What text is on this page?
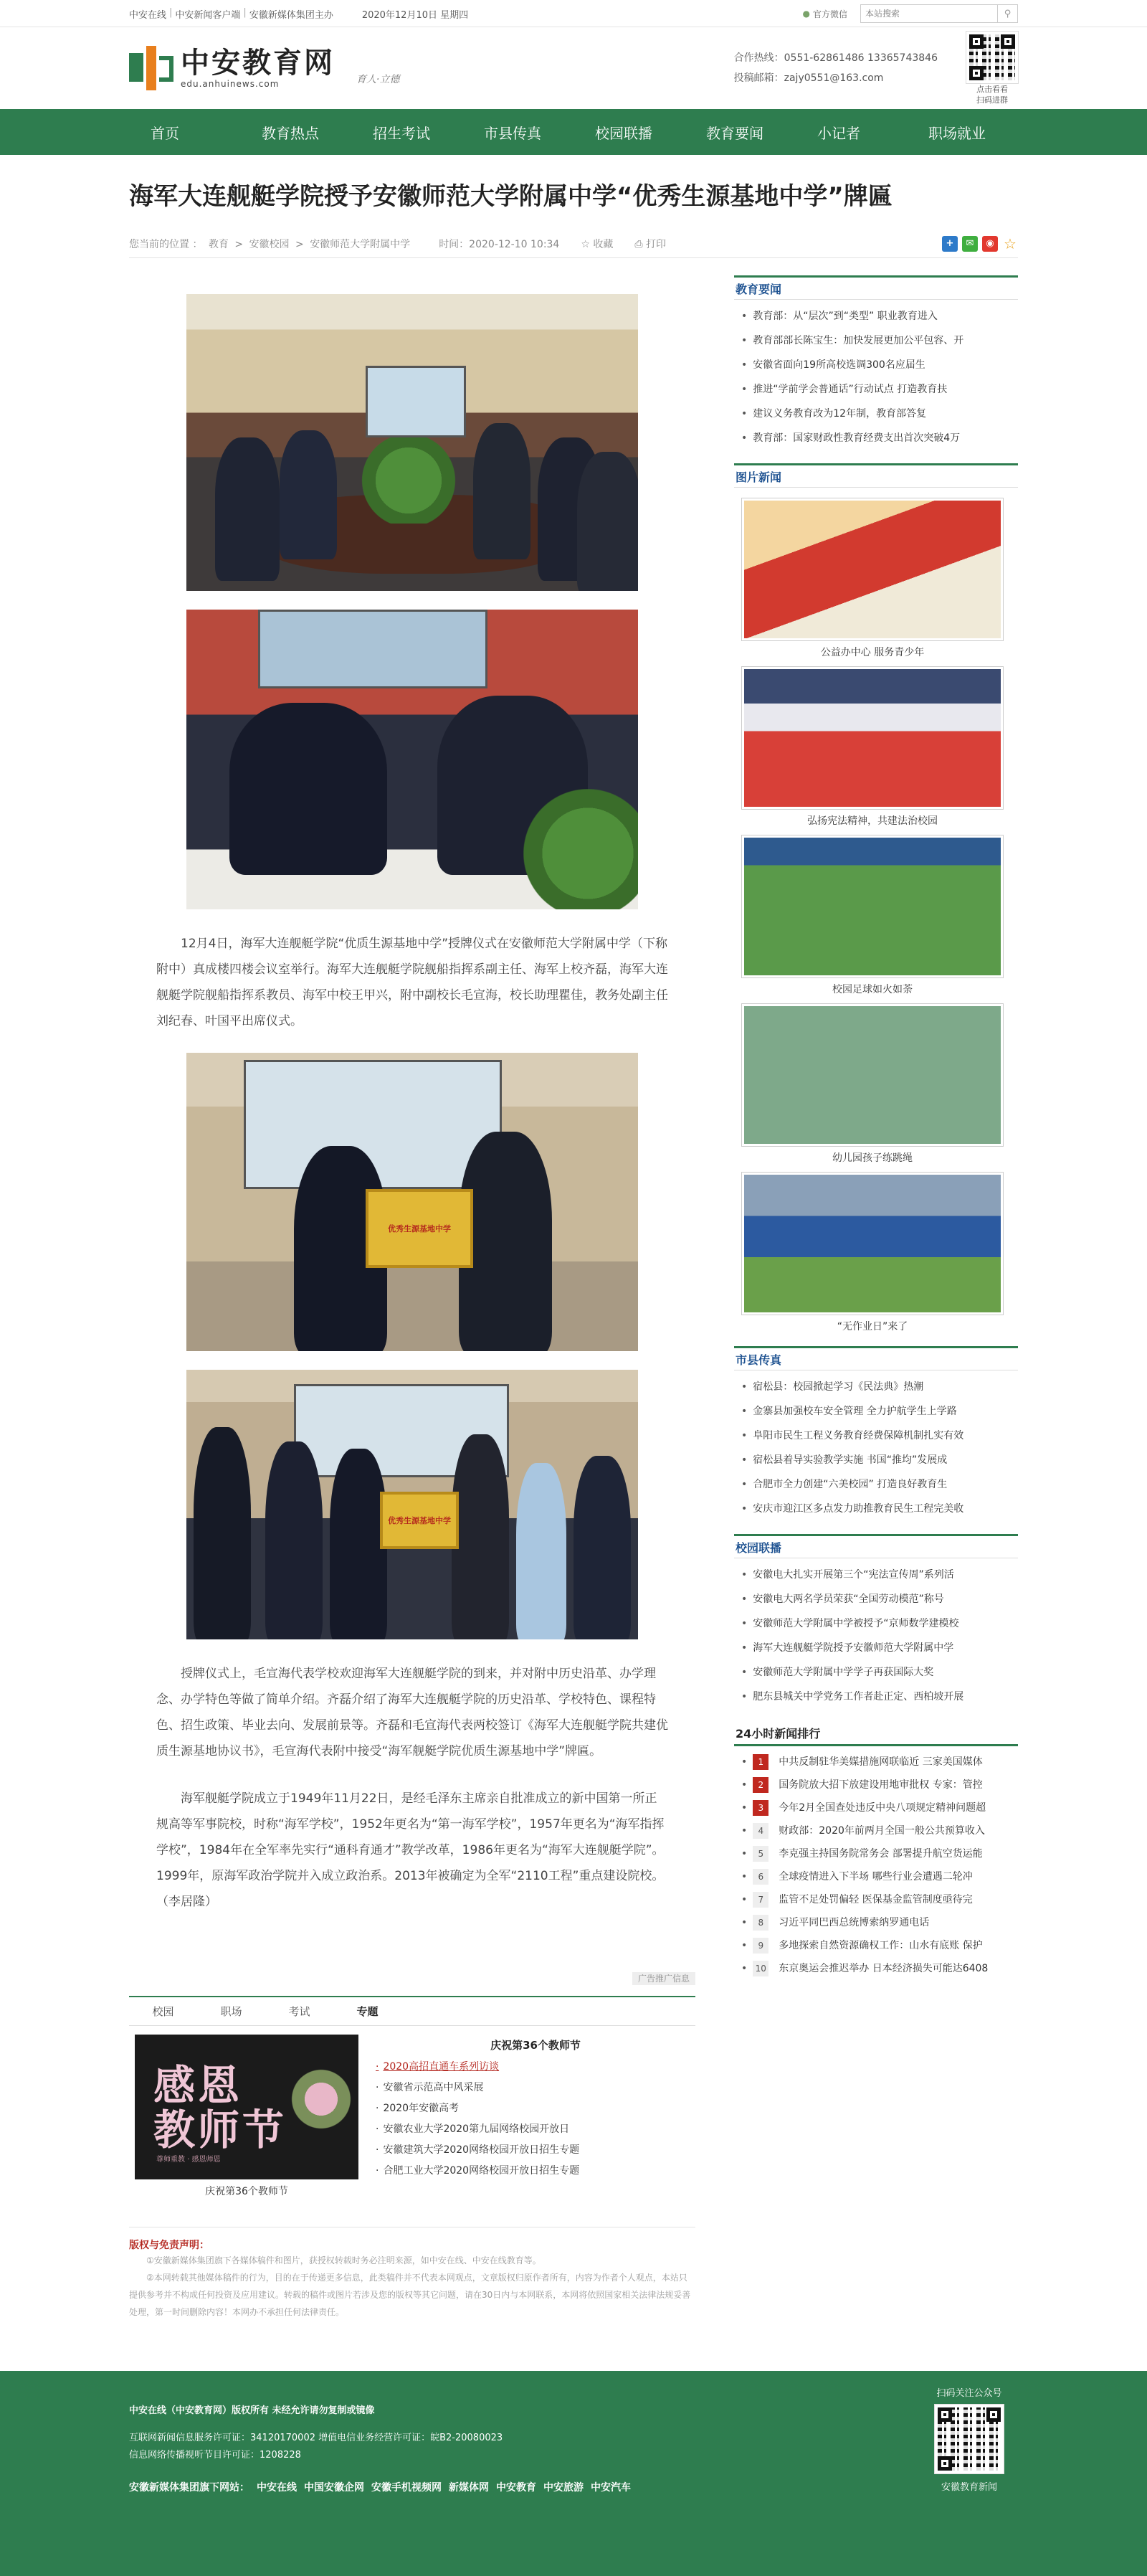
中安在线 | 中安新闻客户端 | 安徽新媒体集团主办	2020年12月10日 星期四	● 官方微信
本站搜索	⚲
中安教育网
edu.anhuinews.com	育人·立德
合作热线：0551-62861486 13365743846
投稿邮箱：zajy0551@163.com
点击看看
扫码进群
首页	教育热点	招生考试	市县传真	校园联播	教育要闻	小记者	职场就业
海军大连舰艇学院授予安徽师范大学附属中学“优秀生源基地中学”牌匾
您当前的位置 ： 教育 > 安徽校园 > 安徽师范大学附属中学	时间：2020-12-10 10:34 ☆ 收藏 ⎙ 打印	+	✉	◉ ☆

12月4日，海军大连舰艇学院“优质生源基地中学”授牌仪式在安徽师范大学附属中学（下称附中）真成楼四楼会议室举行。海军大连舰艇学院舰船指挥系副主任、海军上校齐磊，海军大连舰艇学院舰船指挥系教员、海军中校王甲兴，附中副校长毛宣海，校长助理瞿佳，教务处副主任刘纪春、叶国平出席仪式。

优秀生源基地中学
优秀生源基地中学

授牌仪式上，毛宣海代表学校欢迎海军大连舰艇学院的到来，并对附中历史沿革、办学理念、办学特色等做了简单介绍。齐磊介绍了海军大连舰艇学院的历史沿革、学校特色、课程特色、招生政策、毕业去向、发展前景等。齐磊和毛宣海代表两校签订《海军大连舰艇学院共建优质生源基地协议书》，毛宣海代表附中接受“海军舰艇学院优质生源基地中学”牌匾。

海军舰艇学院成立于1949年11月22日，是经毛泽东主席亲自批准成立的新中国第一所正规高等军事院校，时称“海军学校”，1952年更名为“第一海军学校”，1957年更名为“海军指挥学校”，1984年在全军率先实行“通科育通才”教学改革，1986年更名为“海军大连舰艇学院”。1999年，原海军政治学院并入成立政治系。2013年被确定为全军“2110工程”重点建设院校。（李居隆）

广告推广信息
校园	职场	考试	专题
感恩
教师节
尊师重教 · 感恩师恩
庆祝第36个教师节
庆祝第36个教师节
· 2020高招直通车系列访谈
· 安徽省示范高中风采展
· 2020年安徽高考
· 安徽农业大学2020第九届网络校园开放日
· 安徽建筑大学2020网络校园开放日招生专题
· 合肥工业大学2020网络校园开放日招生专题
版权与免责声明：

①安徽新媒体集团旗下各媒体稿件和图片，获授权转载时务必注明来源，如中安在线、中安在线教育等。

②本网转载其他媒体稿件的行为，目的在于传递更多信息，此类稿件并不代表本网观点，文章版权归原作者所有，内容为作者个人观点，本站只提供参考并不构成任何投资及应用建议。转载的稿件或图片若涉及您的版权等其它问题，请在30日内与本网联系，本网将依照国家相关法律法规妥善处理，第一时间删除内容！本网办不承担任何法律责任。

教育要闻
• 教育部：从“层次”到“类型” 职业教育进入
• 教育部部长陈宝生：加快发展更加公平包容、开
• 安徽省面向19所高校选调300名应届生
• 推进“学前学会普通话”行动试点 打造教育扶
• 建议义务教育改为12年制，教育部答复
• 教育部：国家财政性教育经费支出首次突破4万
图片新闻
公益办中心 服务青少年
弘扬宪法精神，共建法治校园
校园足球如火如荼
幼儿园孩子练跳绳
“无作业日”来了
市县传真
• 宿松县：校园掀起学习《民法典》热潮
• 金寨县加强校车安全管理 全力护航学生上学路
• 阜阳市民生工程义务教育经费保障机制扎实有效
• 宿松县着导实验教学实施 书国“推均”发展成
• 合肥市全力创建“六美校园” 打造良好教育生
• 安庆市迎江区多点发力助推教育民生工程完美收
校园联播
• 安徽电大扎实开展第三个“宪法宣传周”系列活
• 安徽电大两名学员荣获“全国劳动模范”称号
• 安徽师范大学附属中学被授予“京师数学建模校
• 海军大连舰艇学院授予安徽师范大学附属中学
• 安徽师范大学附属中学学子再获国际大奖
• 肥东县城关中学党务工作者赴正定、西柏坡开展
24小时新闻排行
• 1	中共反制驻华美媒措施网联临近 三家美国媒体
• 2	国务院放大招下放建设用地审批权 专家：管控
• 3	今年2月全国查处违反中央八项规定精神问题超
• 4	财政部：2020年前两月全国一般公共预算收入
• 5	李克强主持国务院常务会 部署提升航空货运能
• 6	全球疫情进入下半场 哪些行业会遭遇二轮冲
• 7	监管不足处罚偏轻 医保基金监管制度亟待完
• 8	习近平同巴西总统博索纳罗通电话
• 9	多地探索自然资源确权工作：山水有底账 保护
• 10 东京奥运会推迟举办 日本经济损失可能达6408
中安在线（中安教育网）版权所有 未经允许请勿复制或镜像
互联网新闻信息服务许可证：34120170002 增值电信业务经营许可证：皖B2-20080023
信息网络传播视听节目许可证：1208228
安徽新媒体集团旗下网站： 中安在线 中国安徽企网 安徽手机视频网 新媒体网 中安教育 中安旅游 中安汽车
扫码关注公众号
安徽教育新闻
